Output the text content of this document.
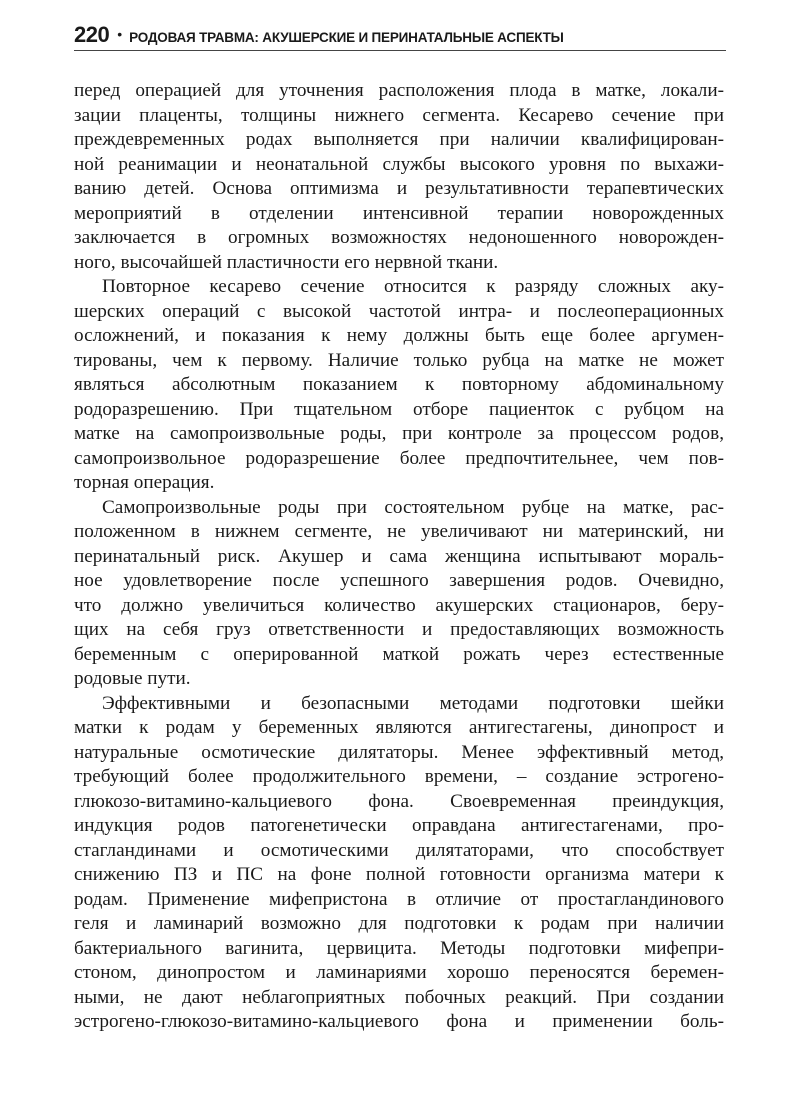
220 • РОДОВАЯ ТРАВМА: АКУШЕРСКИЕ И ПЕРИНАТАЛЬНЫЕ АСПЕКТЫ

перед операцией для уточнения расположения плода в матке, локали-
зации плаценты, толщины нижнего сегмента. Кесарево сечение при
преждевременных родах выполняется при наличии квалифицирован-
ной реанимации и неонатальной службы высокого уровня по выхажи-
ванию детей. Основа оптимизма и результативности терапевтических
мероприятий в отделении интенсивной терапии новорожденных
заключается в огромных возможностях недоношенного новорожден-
ного, высочайшей пластичности его нервной ткани.

Повторное кесарево сечение относится к разряду сложных аку-
шерских операций с высокой частотой интра- и послеоперационных
осложнений, и показания к нему должны быть еще более аргумен-
тированы, чем к первому. Наличие только рубца на матке не может
являться абсолютным показанием к повторному абдоминальному
родоразрешению. При тщательном отборе пациенток с рубцом на
матке на самопроизвольные роды, при контроле за процессом родов,
самопроизвольное родоразрешение более предпочтительнее, чем пов-
торная операция.

Самопроизвольные роды при состоятельном рубце на матке, рас-
положенном в нижнем сегменте, не увеличивают ни материнский, ни
перинатальный риск. Акушер и сама женщина испытывают мораль-
ное удовлетворение после успешного завершения родов. Очевидно,
что должно увеличиться количество акушерских стационаров, беру-
щих на себя груз ответственности и предоставляющих возможность
беременным с оперированной маткой рожать через естественные
родовые пути.

Эффективными и безопасными методами подготовки шейки
матки к родам у беременных являются антигестагены, динопрост и
натуральные осмотические дилятаторы. Менее эффективный метод,
требующий более продолжительного времени, – создание эстрогено-
глюкозо-витамино-кальциевого фона. Своевременная преиндукция,
индукция родов патогенетически оправдана антигестагенами, про-
стагландинами и осмотическими дилятаторами, что способствует
снижению ПЗ и ПС на фоне полной готовности организма матери к
родам. Применение мифепристона в отличие от простагландинового
геля и ламинарий возможно для подготовки к родам при наличии
бактериального вагинита, цервицита. Методы подготовки мифепри-
стоном, динопростом и ламинариями хорошо переносятся беремен-
ными, не дают неблагоприятных побочных реакций. При создании
эстрогено-глюкозо-витамино-кальциевого фона и применении боль-
